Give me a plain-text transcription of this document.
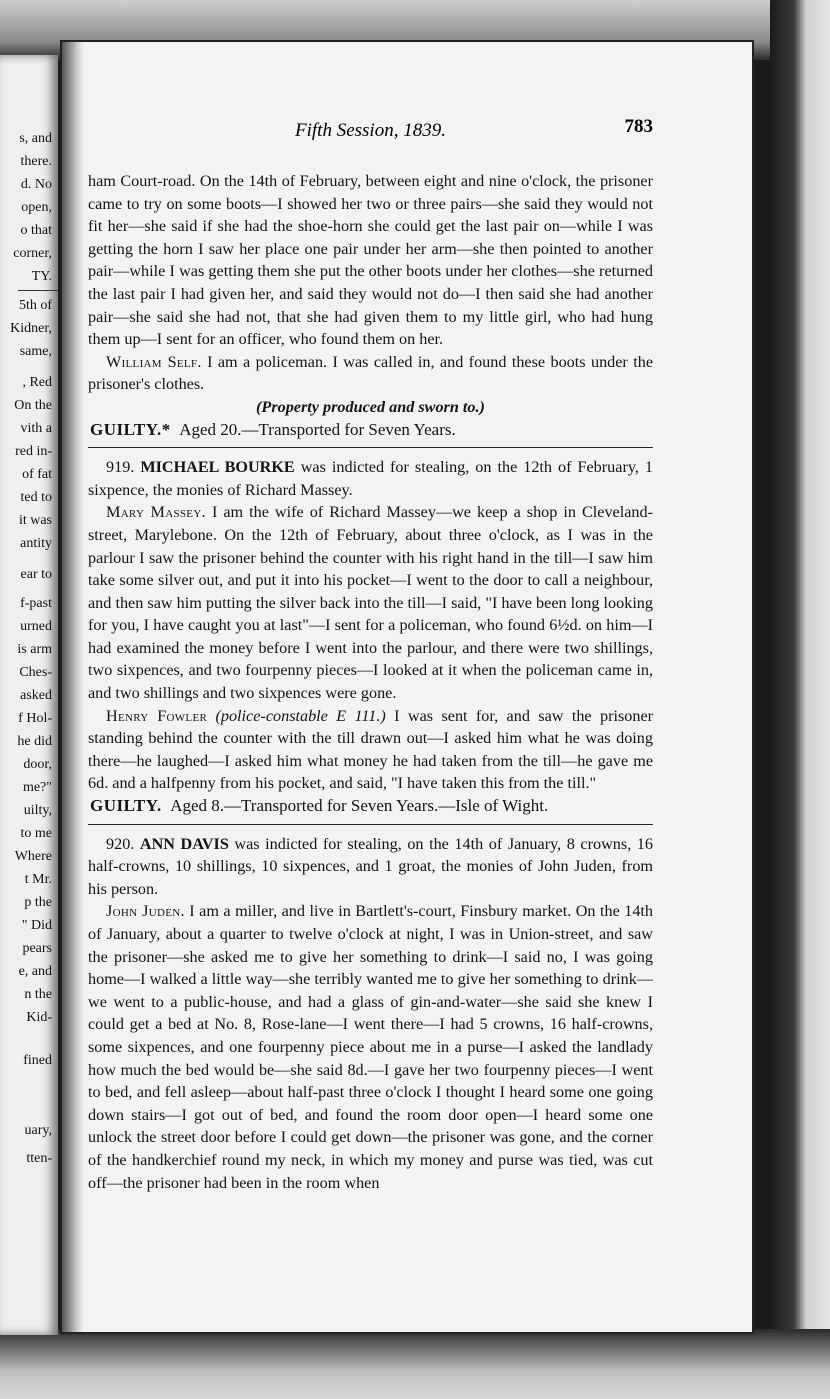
s, and
there.
d. No
open,
o that
corner,
TY.
5th of
Kidner,
same,
, Red
On the
vith a
red in-
of fat
ted to
it was
antity
ear to
f-past
urned
is arm
Ches-
asked
f Hol-
he did
door,
me?"
uilty,
to me
Where
t Mr.
p the
" Did
pears
e, and
n the
Kid-
fined
uary,
tten-
Fifth Session, 1839.	783

ham Court-road. On the 14th of February, between eight and nine o'clock, the prisoner came to try on some boots—I showed her two or three pairs—she said they would not fit her—she said if she had the shoe-horn she could get the last pair on—while I was getting the horn I saw her place one pair under her arm—she then pointed to another pair—while I was getting them she put the other boots under her clothes—she returned the last pair I had given her, and said they would not do—I then said she had another pair—she said she had not, that she had given them to my little girl, who had hung them up—I sent for an officer, who found them on her.

William Self. I am a policeman. I was called in, and found these boots under the prisoner's clothes.

(Property produced and sworn to.)

GUILTY.* Aged 20.—Transported for Seven Years.

919. MICHAEL BOURKE was indicted for stealing, on the 12th of February, 1 sixpence, the monies of Richard Massey.

Mary Massey. I am the wife of Richard Massey—we keep a shop in Cleveland-street, Marylebone. On the 12th of February, about three o'clock, as I was in the parlour I saw the prisoner behind the counter with his right hand in the till—I saw him take some silver out, and put it into his pocket—I went to the door to call a neighbour, and then saw him putting the silver back into the till—I said, "I have been long looking for you, I have caught you at last"—I sent for a policeman, who found 6½d. on him—I had examined the money before I went into the parlour, and there were two shillings, two sixpences, and two fourpenny pieces—I looked at it when the policeman came in, and two shillings and two sixpences were gone.

Henry Fowler (police-constable E 111.) I was sent for, and saw the prisoner standing behind the counter with the till drawn out—I asked him what he was doing there—he laughed—I asked him what money he had taken from the till—he gave me 6d. and a halfpenny from his pocket, and said, "I have taken this from the till."

GUILTY. Aged 8.—Transported for Seven Years.—Isle of Wight.

920. ANN DAVIS was indicted for stealing, on the 14th of January, 8 crowns, 16 half-crowns, 10 shillings, 10 sixpences, and 1 groat, the monies of John Juden, from his person.

John Juden. I am a miller, and live in Bartlett's-court, Finsbury market. On the 14th of January, about a quarter to twelve o'clock at night, I was in Union-street, and saw the prisoner—she asked me to give her something to drink—I said no, I was going home—I walked a little way—she terribly wanted me to give her something to drink—we went to a public-house, and had a glass of gin-and-water—she said she knew I could get a bed at No. 8, Rose-lane—I went there—I had 5 crowns, 16 half-crowns, some sixpences, and one fourpenny piece about me in a purse—I asked the landlady how much the bed would be—she said 8d.—I gave her two fourpenny pieces—I went to bed, and fell asleep—about half-past three o'clock I thought I heard some one going down stairs—I got out of bed, and found the room door open—I heard some one unlock the street door before I could get down—the prisoner was gone, and the corner of the handkerchief round my neck, in which my money and purse was tied, was cut off—the prisoner had been in the room when
